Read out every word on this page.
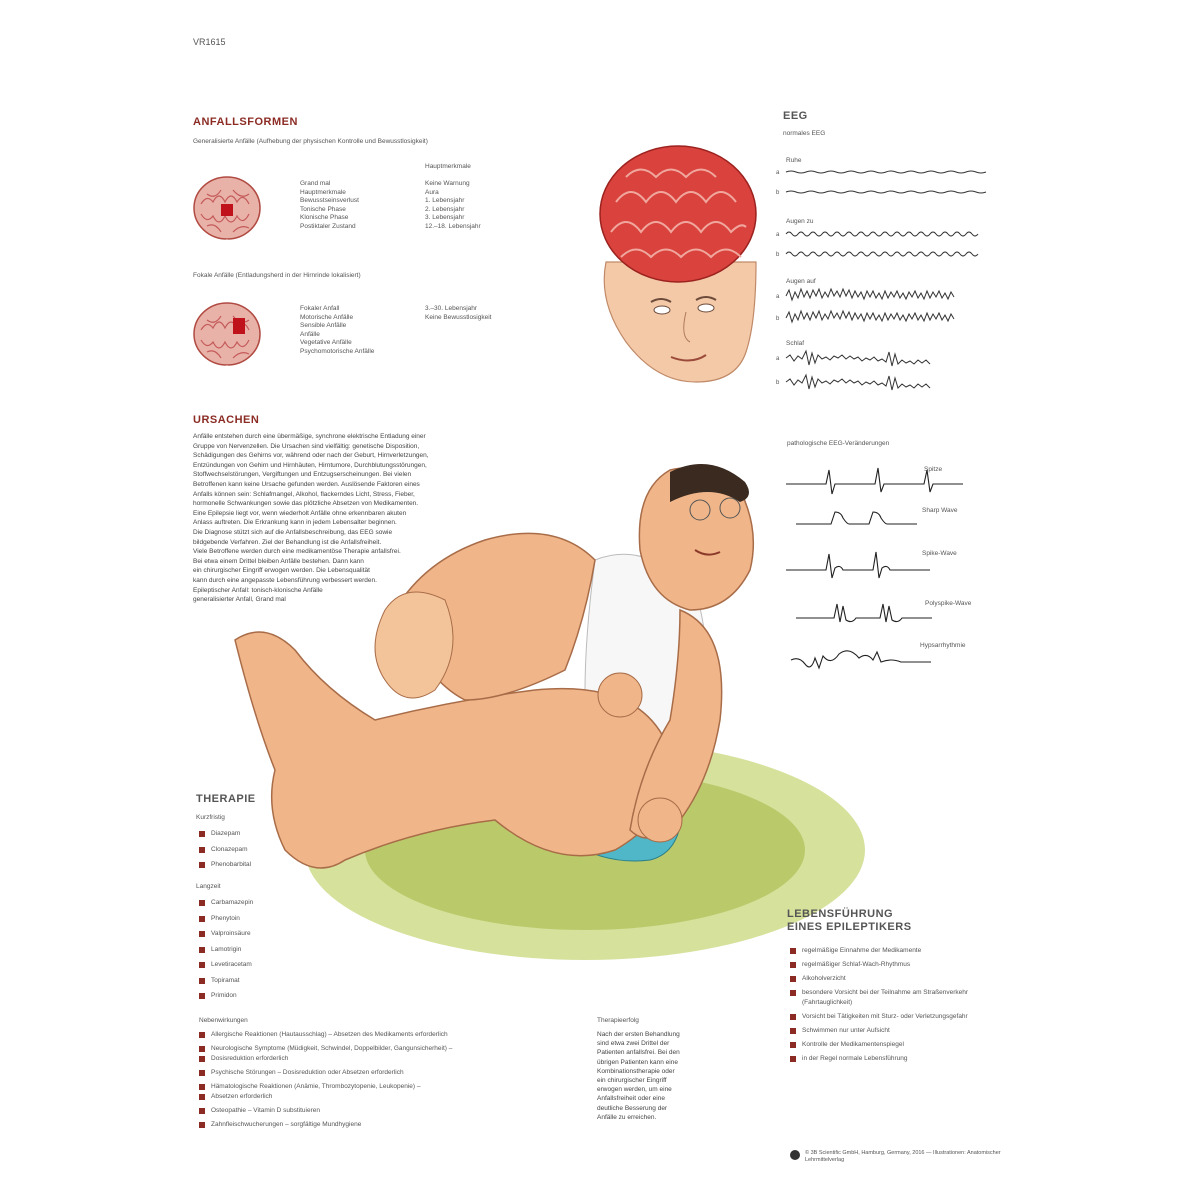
VR1615
ANFALLSFORMEN
Generalisierte Anfälle (Aufhebung der physischen Kontrolle und Bewusstlosigkeit)
Grand mal
Hauptmerkmale
Bewusstseinsverlust
Tonische Phase
Klonische Phase
Postiktaler Zustand
Hauptmerkmale
Keine Warnung
Aura
1. Lebensjahr
2. Lebensjahr
3. Lebensjahr
12.–18. Lebensjahr
Fokale Anfälle (Entladungsherd in der Hirnrinde lokalisiert)
Fokaler Anfall
Motorische Anfälle
Sensible Anfälle
Anfälle
Vegetative Anfälle
Psychomotorische Anfälle
3.–30. Lebensjahr
Keine Bewusstlosigkeit
EEG
normales EEG
Ruhe
Augen zu
Augen auf
Schlaf
a
b
a
b
a
b
a
b
pathologische EEG-Veränderungen
Spitze
Sharp Wave
Spike-Wave
Polyspike-Wave
Hypsarrhythmie
URSACHEN
Anfälle entstehen durch eine übermäßige, synchrone elektrische Entladung einer
Gruppe von Nervenzellen. Die Ursachen sind vielfältig: genetische Disposition,
Schädigungen des Gehirns vor, während oder nach der Geburt, Hirnverletzungen,
Entzündungen von Gehirn und Hirnhäuten, Hirntumore, Durchblutungsstörungen,
Stoffwechselstörungen, Vergiftungen und Entzugserscheinungen. Bei vielen
Betroffenen kann keine Ursache gefunden werden. Auslösende Faktoren eines
Anfalls können sein: Schlafmangel, Alkohol, flackerndes Licht, Stress, Fieber,
hormonelle Schwankungen sowie das plötzliche Absetzen von Medikamenten.
Eine Epilepsie liegt vor, wenn wiederholt Anfälle ohne erkennbaren akuten
Anlass auftreten. Die Erkrankung kann in jedem Lebensalter beginnen.
Die Diagnose stützt sich auf die Anfallsbeschreibung, das EEG sowie
bildgebende Verfahren. Ziel der Behandlung ist die Anfallsfreiheit.
Viele Betroffene werden durch eine medikamentöse Therapie anfallsfrei.
Bei etwa einem Drittel bleiben Anfälle bestehen. Dann kann
ein chirurgischer Eingriff erwogen werden. Die Lebensqualität
kann durch eine angepasste Lebensführung verbessert werden.
Epileptischer Anfall: tonisch-klonische Anfälle
generalisierter Anfall, Grand mal
THERAPIE
Kurzfristig
Diazepam
Clonazepam
Phenobarbital
Langzeit
Carbamazepin
Phenytoin
Valproinsäure
Lamotrigin
Levetiracetam
Topiramat
Primidon
Nebenwirkungen
Allergische Reaktionen (Hautausschlag) – Absetzen des Medikaments erforderlich
Neurologische Symptome (Müdigkeit, Schwindel, Doppelbilder, Gangunsicherheit) –
Dosisreduktion erforderlich
Psychische Störungen – Dosisreduktion oder Absetzen erforderlich
Hämatologische Reaktionen (Anämie, Thrombozytopenie, Leukopenie) –
Absetzen erforderlich
Osteopathie – Vitamin D substituieren
Zahnfleischwucherungen – sorgfältige Mundhygiene
Therapieerfolg
Nach der ersten Behandlung
sind etwa zwei Drittel der
Patienten anfallsfrei. Bei den
übrigen Patienten kann eine
Kombinationstherapie oder
ein chirurgischer Eingriff
erwogen werden, um eine
Anfallsfreiheit oder eine
deutliche Besserung der
Anfälle zu erreichen.
LEBENSFÜHRUNG
EINES EPILEPTIKERS
regelmäßige Einnahme der Medikamente
regelmäßiger Schlaf-Wach-Rhythmus
Alkoholverzicht
besondere Vorsicht bei der Teilnahme am Straßenverkehr (Fahrtauglichkeit)
Vorsicht bei Tätigkeiten mit Sturz- oder Verletzungsgefahr
Schwimmen nur unter Aufsicht
Kontrolle der Medikamentenspiegel
in der Regel normale Lebensführung
© 3B Scientific GmbH, Hamburg, Germany, 2016 — Illustrationen: Anatomischer Lehrmittelverlag
